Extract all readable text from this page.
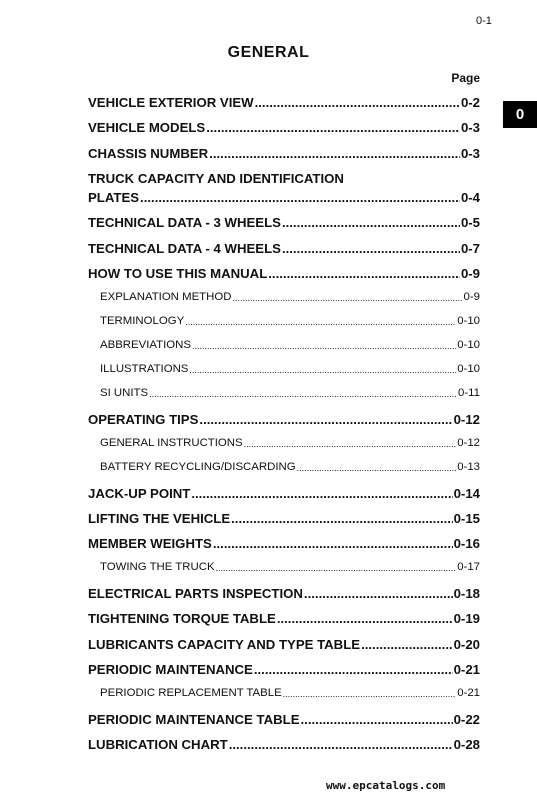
0-1
GENERAL
Page
0
VEHICLE EXTERIOR VIEW .....	0-2
VEHICLE MODELS .....	0-3
CHASSIS NUMBER .....	0-3
TRUCK CAPACITY AND IDENTIFICATION
PLATES .....	0-4
TECHNICAL DATA - 3 WHEELS .....	0-5
TECHNICAL DATA - 4 WHEELS .....	0-7
HOW TO USE THIS MANUAL .....	0-9
EXPLANATION METHOD .....	0-9
TERMINOLOGY .....	0-10
ABBREVIATIONS .....	0-10
ILLUSTRATIONS .....	0-10
SI UNITS .....	0-11
OPERATING TIPS .....	0-12
GENERAL INSTRUCTIONS .....	0-12
BATTERY RECYCLING/DISCARDING .....	0-13
JACK-UP POINT .....	0-14
LIFTING THE VEHICLE .....	0-15
MEMBER WEIGHTS .....	0-16
TOWING THE TRUCK .....	0-17
ELECTRICAL PARTS INSPECTION .....	0-18
TIGHTENING TORQUE TABLE .....	0-19
LUBRICANTS CAPACITY AND TYPE TABLE .....	0-20
PERIODIC MAINTENANCE .....	0-21
PERIODIC REPLACEMENT TABLE .....	0-21
PERIODIC MAINTENANCE TABLE .....	0-22
LUBRICATION CHART .....	0-28
www.epcatalogs.com
